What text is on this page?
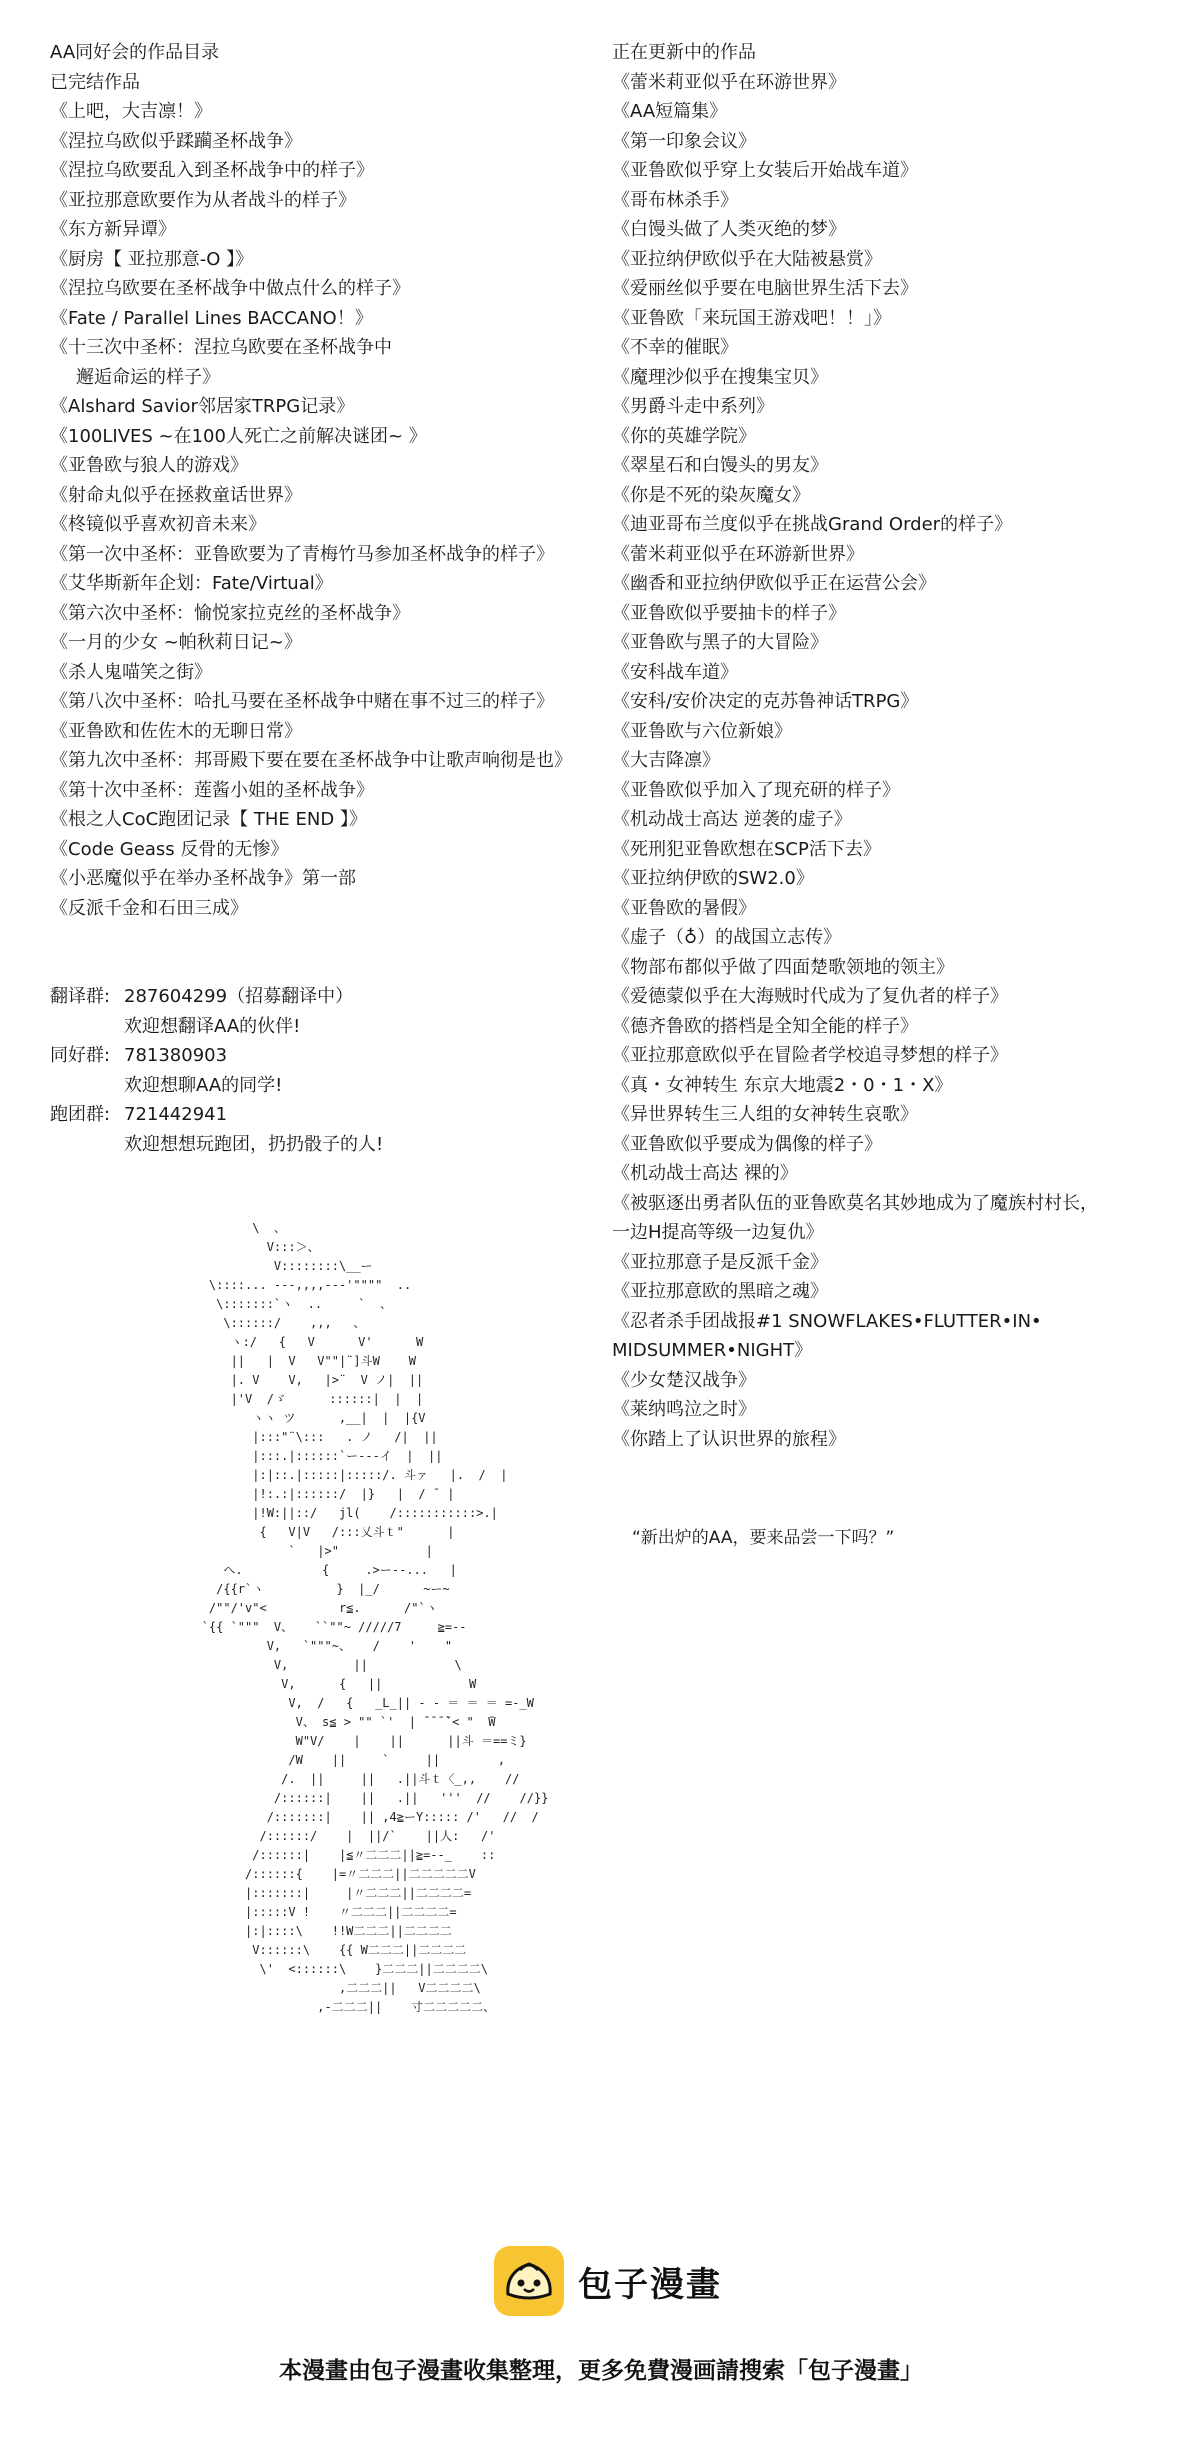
AA同好会的作品目录
已完结作品
《上吧，大吉凛！》
《涅拉乌欧似乎蹂躏圣杯战争》
《涅拉乌欧要乱入到圣杯战争中的样子》
《亚拉那意欧要作为从者战斗的样子》
《东方新异谭》
《厨房【 亚拉那意-O 】》
《涅拉乌欧要在圣杯战争中做点什么的样子》
《Fate / Parallel Lines BACCANO！》
《十三次中圣杯：涅拉乌欧要在圣杯战争中
邂逅命运的样子》
《Alshard Savior邻居家TRPG记录》
《100LIVES ~在100人死亡之前解决谜团~ 》
《亚鲁欧与狼人的游戏》
《射命丸似乎在拯救童话世界》
《柊镜似乎喜欢初音未来》
《第一次中圣杯：亚鲁欧要为了青梅竹马参加圣杯战争的样子》
《艾华斯新年企划：Fate/Virtual》
《第六次中圣杯：愉悦家拉克丝的圣杯战争》
《一月的少女 ~帕秋莉日记~》
《杀人鬼喵笑之街》
《第八次中圣杯：哈扎马要在圣杯战争中赌在事不过三的样子》
《亚鲁欧和佐佐木的无聊日常》
《第九次中圣杯：邦哥殿下要在要在圣杯战争中让歌声响彻是也》
《第十次中圣杯：莲酱小姐的圣杯战争》
《根之人CoC跑团记录【 THE END 】》
《Code Geass 反骨的无惨》
《小恶魔似乎在举办圣杯战争》第一部
《反派千金和石田三成》
翻译群: 287604299（招募翻译中）
欢迎想翻译AA的伙伴!
同好群: 781380903
欢迎想聊AA的同学!
跑团群: 721442941
欢迎想想玩跑团，扔扔骰子的人!
正在更新中的作品
《蕾米莉亚似乎在环游世界》
《AA短篇集》
《第一印象会议》
《亚鲁欧似乎穿上女装后开始战车道》
《哥布林杀手》
《白馒头做了人类灭绝的梦》
《亚拉纳伊欧似乎在大陆被悬赏》
《爱丽丝似乎要在电脑世界生活下去》
《亚鲁欧「来玩国王游戏吧！！」》
《不幸的催眠》
《魔理沙似乎在搜集宝贝》
《男爵斗走中系列》
《你的英雄学院》
《翠星石和白馒头的男友》
《你是不死的染灰魔女》
《迪亚哥布兰度似乎在挑战Grand Order的样子》
《蕾米莉亚似乎在环游新世界》
《幽香和亚拉纳伊欧似乎正在运营公会》
《亚鲁欧似乎要抽卡的样子》
《亚鲁欧与黑子的大冒险》
《安科战车道》
《安科/安价决定的克苏鲁神话TRPG》
《亚鲁欧与六位新娘》
《大吉降凛》
《亚鲁欧似乎加入了现充研的样子》
《机动战士高达 逆袭的虚子》
《死刑犯亚鲁欧想在SCP活下去》
《亚拉纳伊欧的SW2.0》
《亚鲁欧的暑假》
《虚子（♁）的战国立志传》
《物部布都似乎做了四面楚歌领地的领主》
《爱德蒙似乎在大海贼时代成为了复仇者的样子》
《德齐鲁欧的搭档是全知全能的样子》
《亚拉那意欧似乎在冒险者学校追寻梦想的样子》
《真・女神转生 东京大地震2・0・1・X》
《异世界转生三人组的女神转生哀歌》
《亚鲁欧似乎要成为偶像的样子》
《机动战士高达 裸的》
《被驱逐出勇者队伍的亚鲁欧莫名其妙地成为了魔族村村长，
一边H提高等级一边复仇》
《亚拉那意子是反派千金》
《亚拉那意欧的黑暗之魂》
《忍者杀手团战报#1 SNOWFLAKES•FLUTTER•IN•
MIDSUMMER•NIGHT》
《少女楚汉战争》
《莱纳鸣泣之时》
《你踏上了认识世界的旅程》
\  、
V:::＞、
V::::::::\__ー
\::::... -‐‐,,,,---'""""  ..
\:::::::`ヽ  ..     `  、
\::::::/    ,,,   、
ヽ:/   {   V      V'      W
||   |  V   V""|¨]斗W    W
|. V    V,   |>¨  V ノ|  ||
|'V  /ゞ      ::::::|  |  |
ヽヽ ツ      ,__|  |  |{V
|:::"¨\:::   . ノ   /|  ||
|:::.|::::::`ー‐‐‐イ  |  ||
|:|::.|:::::|:::::/. 斗ァ   |.  /  |
|!:.:|::::::/  |}   |  / ̄  |
|!W:||::/   jl(    /:::::::::::>.|
{   V|V   /:::乂斗ｔ"      |
`   |>"            |
へ.           {     .>ー--...   |
/{{r`ヽ          }  |_/      ~ー~
/""/'v"<          r≦.      /"`ヽ
`{{ `"""  V、   ``""~ /////7     ≧=--
V,   `"""~、   /    '    "
V,         ||            \
V,      {   ||            W
V,  /   {   _L_|| - - ＝ ＝ ＝ =-_W
V、 s≦ > "" `'  | ̄ ̄ ̄ ̄`< "  ̄W
W"V/    |    ||      ||斗 ＝==ミ}
/W    ||     `     ||        ,
/.  ||     ||   .||斗ｔ〈_,,    //
/::::::|    ||   .||   '''  //    //}}
/:::::::|    || ,4≧ーY::::: /'   //  /
/::::::/    |  ||/`    ||人:   /'
/::::::|    |≦〃二二二||≧=--_    ::
/::::::{    |=〃二二二||二二二二二V
|:::::::|     |〃二二二||二二二二=
|:::::V !    〃二二二||二二二二=
|:|::::\    !!W二二二||二二二二
V::::::\    {{ W二二二||二二二二
\'  <::::::\    }二二二||二二二二\
,二二二||   V二二二二\
,-二二二||    寸二二二二二、
“新出炉的AA，要来品尝一下吗？”
包子漫畫
本漫畫由包子漫畫收集整理，更多免費漫画請搜索「包子漫畫」
